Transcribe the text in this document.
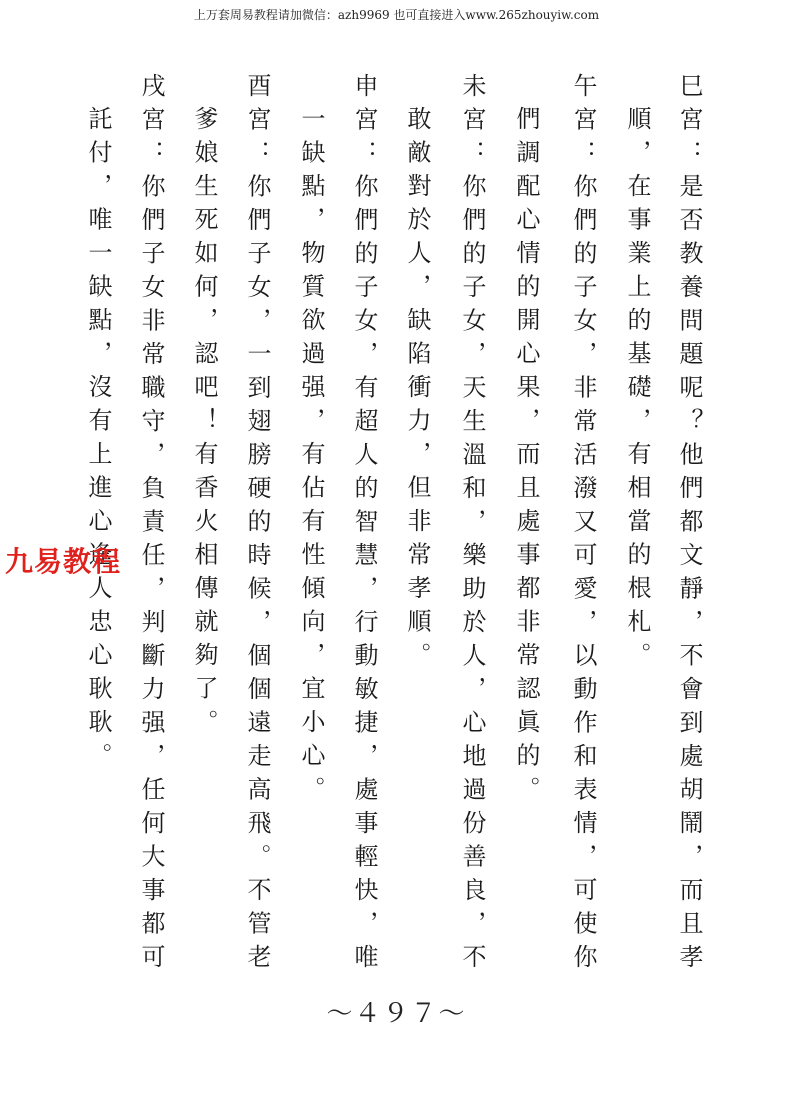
上万套周易教程请加微信：azh9969 也可直接进入www.265zhouyiw.com
巳宮：是否教養問題呢？他們都文靜，不會到處胡鬧，而且孝
順，在事業上的基礎，有相當的根札。
午宮：你們的子女，非常活潑又可愛，以動作和表情，可使你
們調配心情的開心果，而且處事都非常認眞的。
未宮：你們的子女，天生溫和，樂助於人，心地過份善良，不
敢敵對於人，缺陷衝力，但非常孝順。
申宮：你們的子女，有超人的智慧，行動敏捷，處事輕快，唯
一缺點，物質欲過强，有佔有性傾向，宜小心。
酉宮：你們子女，一到翅膀硬的時候，個個遠走高飛。不管老
爹娘生死如何，認吧！有香火相傳就夠了。
戌宮：你們子女非常職守，負責任，判斷力强，任何大事都可
託付，唯一缺點，沒有上進心逢人忠心耿耿。
九易教程
～４９７～
